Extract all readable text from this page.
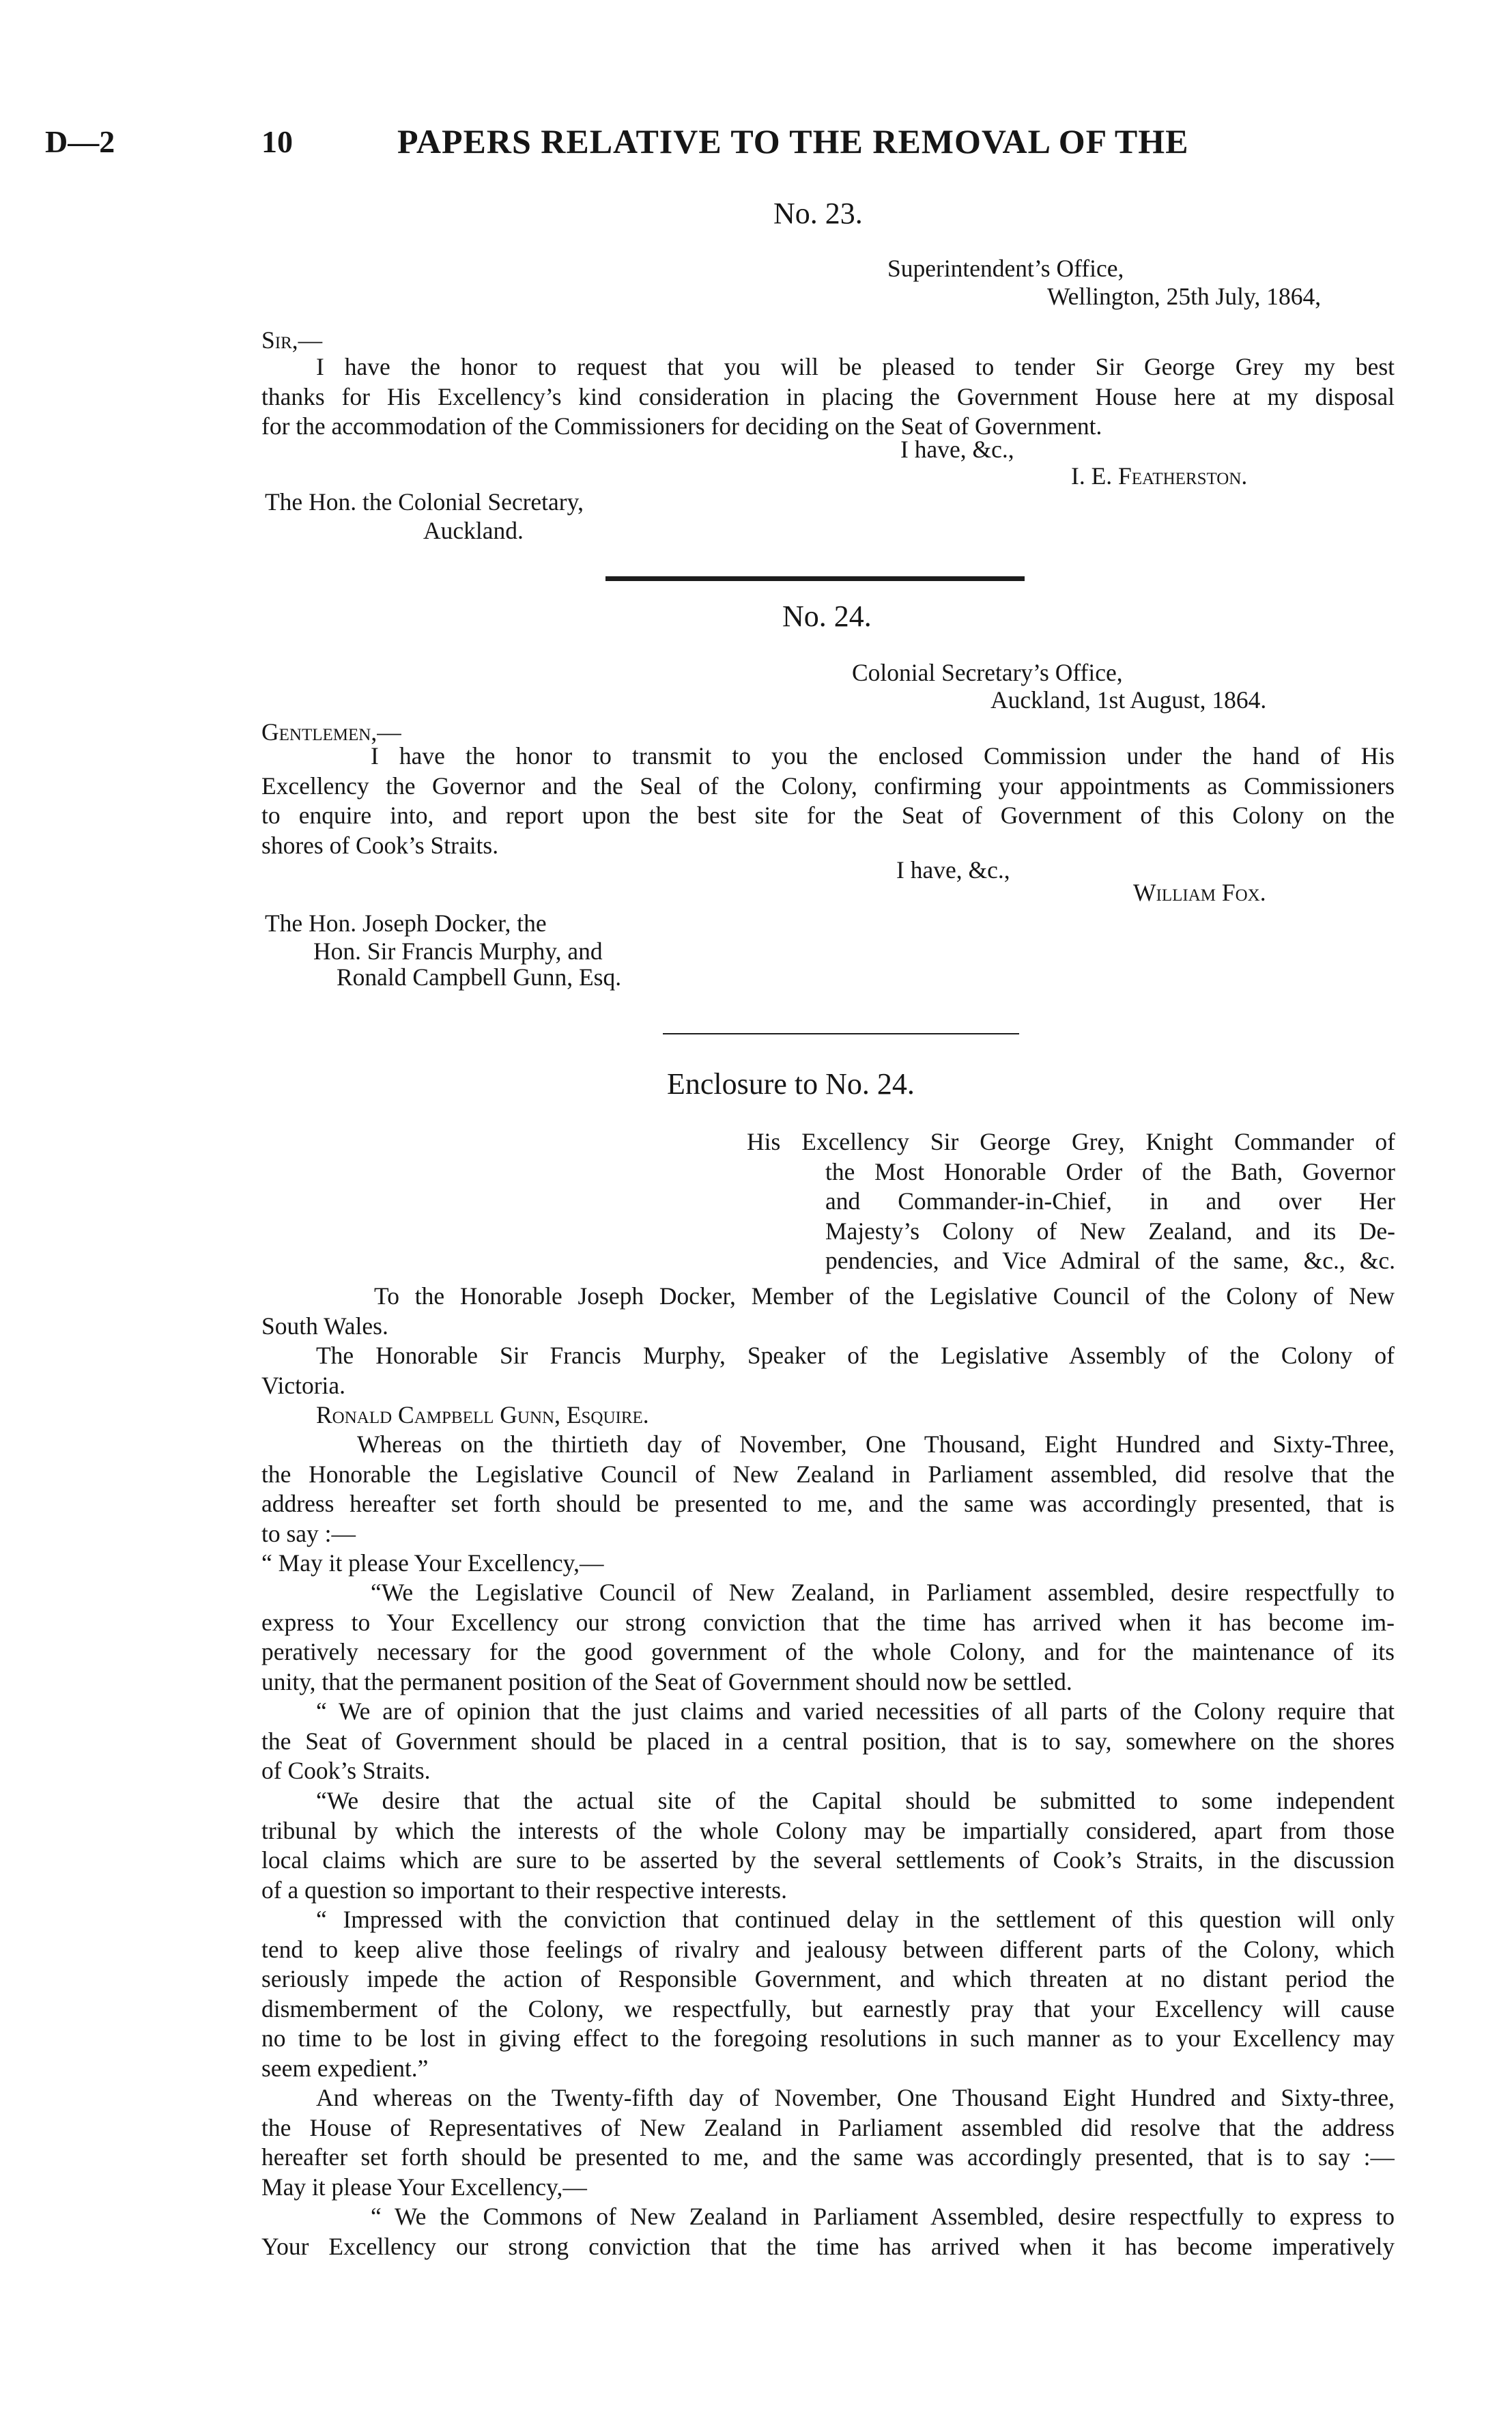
D—2	10	PAPERS RELATIVE TO THE REMOVAL OF THE
No. 23.
Superintendent’s Office,
Wellington, 25th July, 1864,
Sir,—
I have the honor to request that you will be pleased to tender Sir George Grey my best
thanks for His Excellency’s kind consideration in placing the Government House here at my disposal
for the accommodation of the Commissioners for deciding on the Seat of Government.
I have, &c.,
I. E. Featherston.
The Hon. the Colonial Secretary,
Auckland.
No. 24.
Colonial Secretary’s Office,
Auckland, 1st August, 1864.
Gentlemen,—
I have the honor to transmit to you the enclosed Commission under the hand of His
Excellency the Governor and the Seal of the Colony, confirming your appointments as Commissioners
to enquire into, and report upon the best site for the Seat of Government of this Colony on the
shores of Cook’s Straits.
I have, &c.,
William Fox.
The Hon. Joseph Docker, the
Hon. Sir Francis Murphy, and
Ronald Campbell Gunn, Esq.
Enclosure to No. 24.
His Excellency Sir George Grey, Knight Commander of
the Most Honorable Order of the Bath, Governor
and Commander-in-Chief, in and over Her
Majesty’s Colony of New Zealand, and its De-
pendencies, and Vice Admiral of the same, &c., &c.
To the Honorable Joseph Docker, Member of the Legislative Council of the Colony of New
South Wales.
The Honorable Sir Francis Murphy, Speaker of the Legislative Assembly of the Colony of
Victoria.
Ronald Campbell Gunn, Esquire.
Whereas on the thirtieth day of November, One Thousand, Eight Hundred and Sixty-Three,
the Honorable the Legislative Council of New Zealand in Parliament assembled, did resolve that the
address hereafter set forth should be presented to me, and the same was accordingly presented, that is
to say :—
“ May it please Your Excellency,—
“We the Legislative Council of New Zealand, in Parliament assembled, desire respectfully to
express to Your Excellency our strong conviction that the time has arrived when it has become im-
peratively necessary for the good government of the whole Colony, and for the maintenance of its
unity, that the permanent position of the Seat of Government should now be settled.
“ We are of opinion that the just claims and varied necessities of all parts of the Colony require that
the Seat of Government should be placed in a central position, that is to say, somewhere on the shores
of Cook’s Straits.
“We desire that the actual site of the Capital should be submitted to some independent
tribunal by which the interests of the whole Colony may be impartially considered, apart from those
local claims which are sure to be asserted by the several settlements of Cook’s Straits, in the discussion
of a question so important to their respective interests.
“ Impressed with the conviction that continued delay in the settlement of this question will only
tend to keep alive those feelings of rivalry and jealousy between different parts of the Colony, which
seriously impede the action of Responsible Government, and which threaten at no distant period the
dismemberment of the Colony, we respectfully, but earnestly pray that your Excellency will cause
no time to be lost in giving effect to the foregoing resolutions in such manner as to your Excellency may
seem expedient.”
And whereas on the Twenty-fifth day of November, One Thousand Eight Hundred and Sixty-three,
the House of Representatives of New Zealand in Parliament assembled did resolve that the address
hereafter set forth should be presented to me, and the same was accordingly presented, that is to say :—
May it please Your Excellency,—
“ We the Commons of New Zealand in Parliament Assembled, desire respectfully to express to
Your Excellency our strong conviction that the time has arrived when it has become imperatively
